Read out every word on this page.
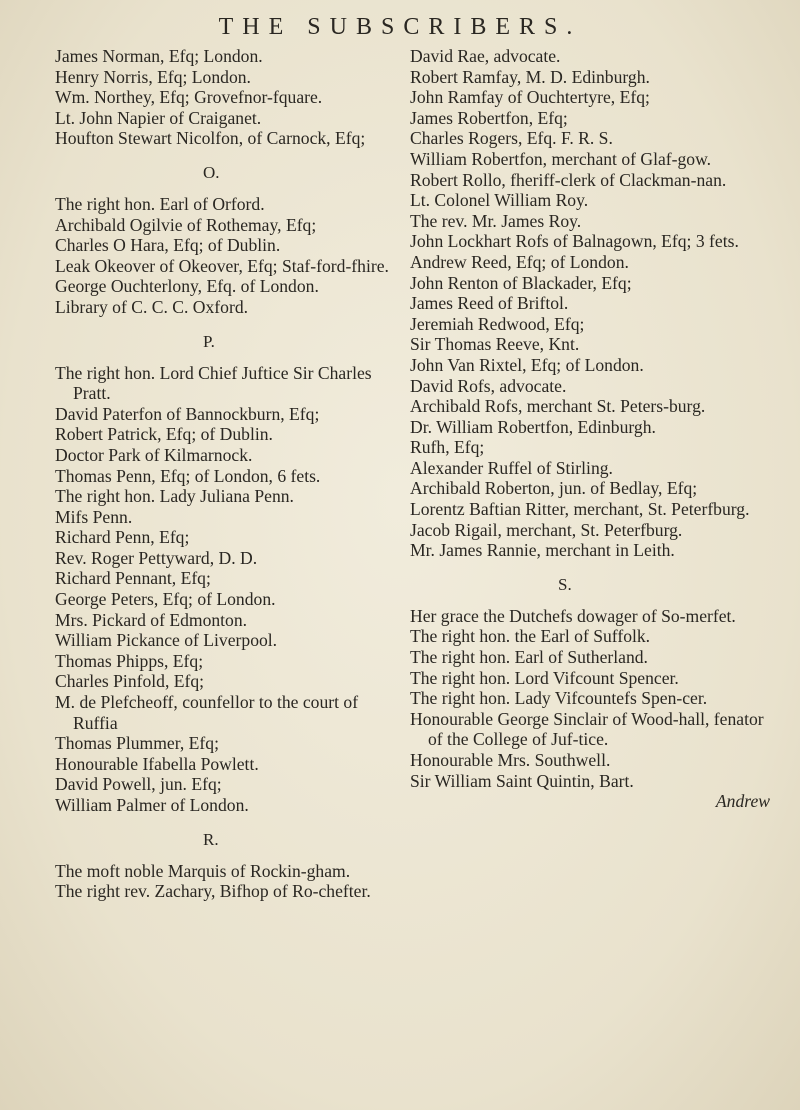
THE SUBSCRIBERS.

James Norman, Efq; London.

Henry Norris, Efq; London.

Wm. Northey, Efq; Grovefnor-fquare.

Lt. John Napier of Craiganet.

Houfton Stewart Nicolfon, of Carnock, Efq;

O.

The right hon. Earl of Orford.

Archibald Ogilvie of Rothemay, Efq;

Charles O Hara, Efq; of Dublin.

Leak Okeover of Okeover, Efq; Staf-ford-fhire.

George Ouchterlony, Efq. of London.

Library of C. C. C. Oxford.

P.

The right hon. Lord Chief Juftice Sir Charles Pratt.

David Paterfon of Bannockburn, Efq;

Robert Patrick, Efq; of Dublin.

Doctor Park of Kilmarnock.

Thomas Penn, Efq; of London, 6 fets.

The right hon. Lady Juliana Penn.

Mifs Penn.

Richard Penn, Efq;

Rev. Roger Pettyward, D. D.

Richard Pennant, Efq;

George Peters, Efq; of London.

Mrs. Pickard of Edmonton.

William Pickance of Liverpool.

Thomas Phipps, Efq;

Charles Pinfold, Efq;

M. de Plefcheoff, counfellor to the court of Ruffia

Thomas Plummer, Efq;

Honourable Ifabella Powlett.

David Powell, jun. Efq;

William Palmer of London.

R.

The moft noble Marquis of Rockin-gham.

The right rev. Zachary, Bifhop of Ro-chefter.

David Rae, advocate.

Robert Ramfay, M. D. Edinburgh.

John Ramfay of Ouchtertyre, Efq;

James Robertfon, Efq;

Charles Rogers, Efq. F. R. S.

William Robertfon, merchant of Glaf-gow.

Robert Rollo, fheriff-clerk of Clackman-nan.

Lt. Colonel William Roy.

The rev. Mr. James Roy.

John Lockhart Rofs of Balnagown, Efq; 3 fets.

Andrew Reed, Efq; of London.

John Renton of Blackader, Efq;

James Reed of Briftol.

Jeremiah Redwood, Efq;

Sir Thomas Reeve, Knt.

John Van Rixtel, Efq; of London.

David Rofs, advocate.

Archibald Rofs, merchant St. Peters-burg.

Dr. William Robertfon, Edinburgh.

Rufh, Efq;

Alexander Ruffel of Stirling.

Archibald Roberton, jun. of Bedlay, Efq;

Lorentz Baftian Ritter, merchant, St. Peterfburg.

Jacob Rigail, merchant, St. Peterfburg.

Mr. James Rannie, merchant in Leith.

S.

Her grace the Dutchefs dowager of So-merfet.

The right hon. the Earl of Suffolk.

The right hon. Earl of Sutherland.

The right hon. Lord Vifcount Spencer.

The right hon. Lady Vifcountefs Spen-cer.

Honourable George Sinclair of Wood-hall, fenator of the College of Juf-tice.

Honourable Mrs. Southwell.

Sir William Saint Quintin, Bart.

Andrew
